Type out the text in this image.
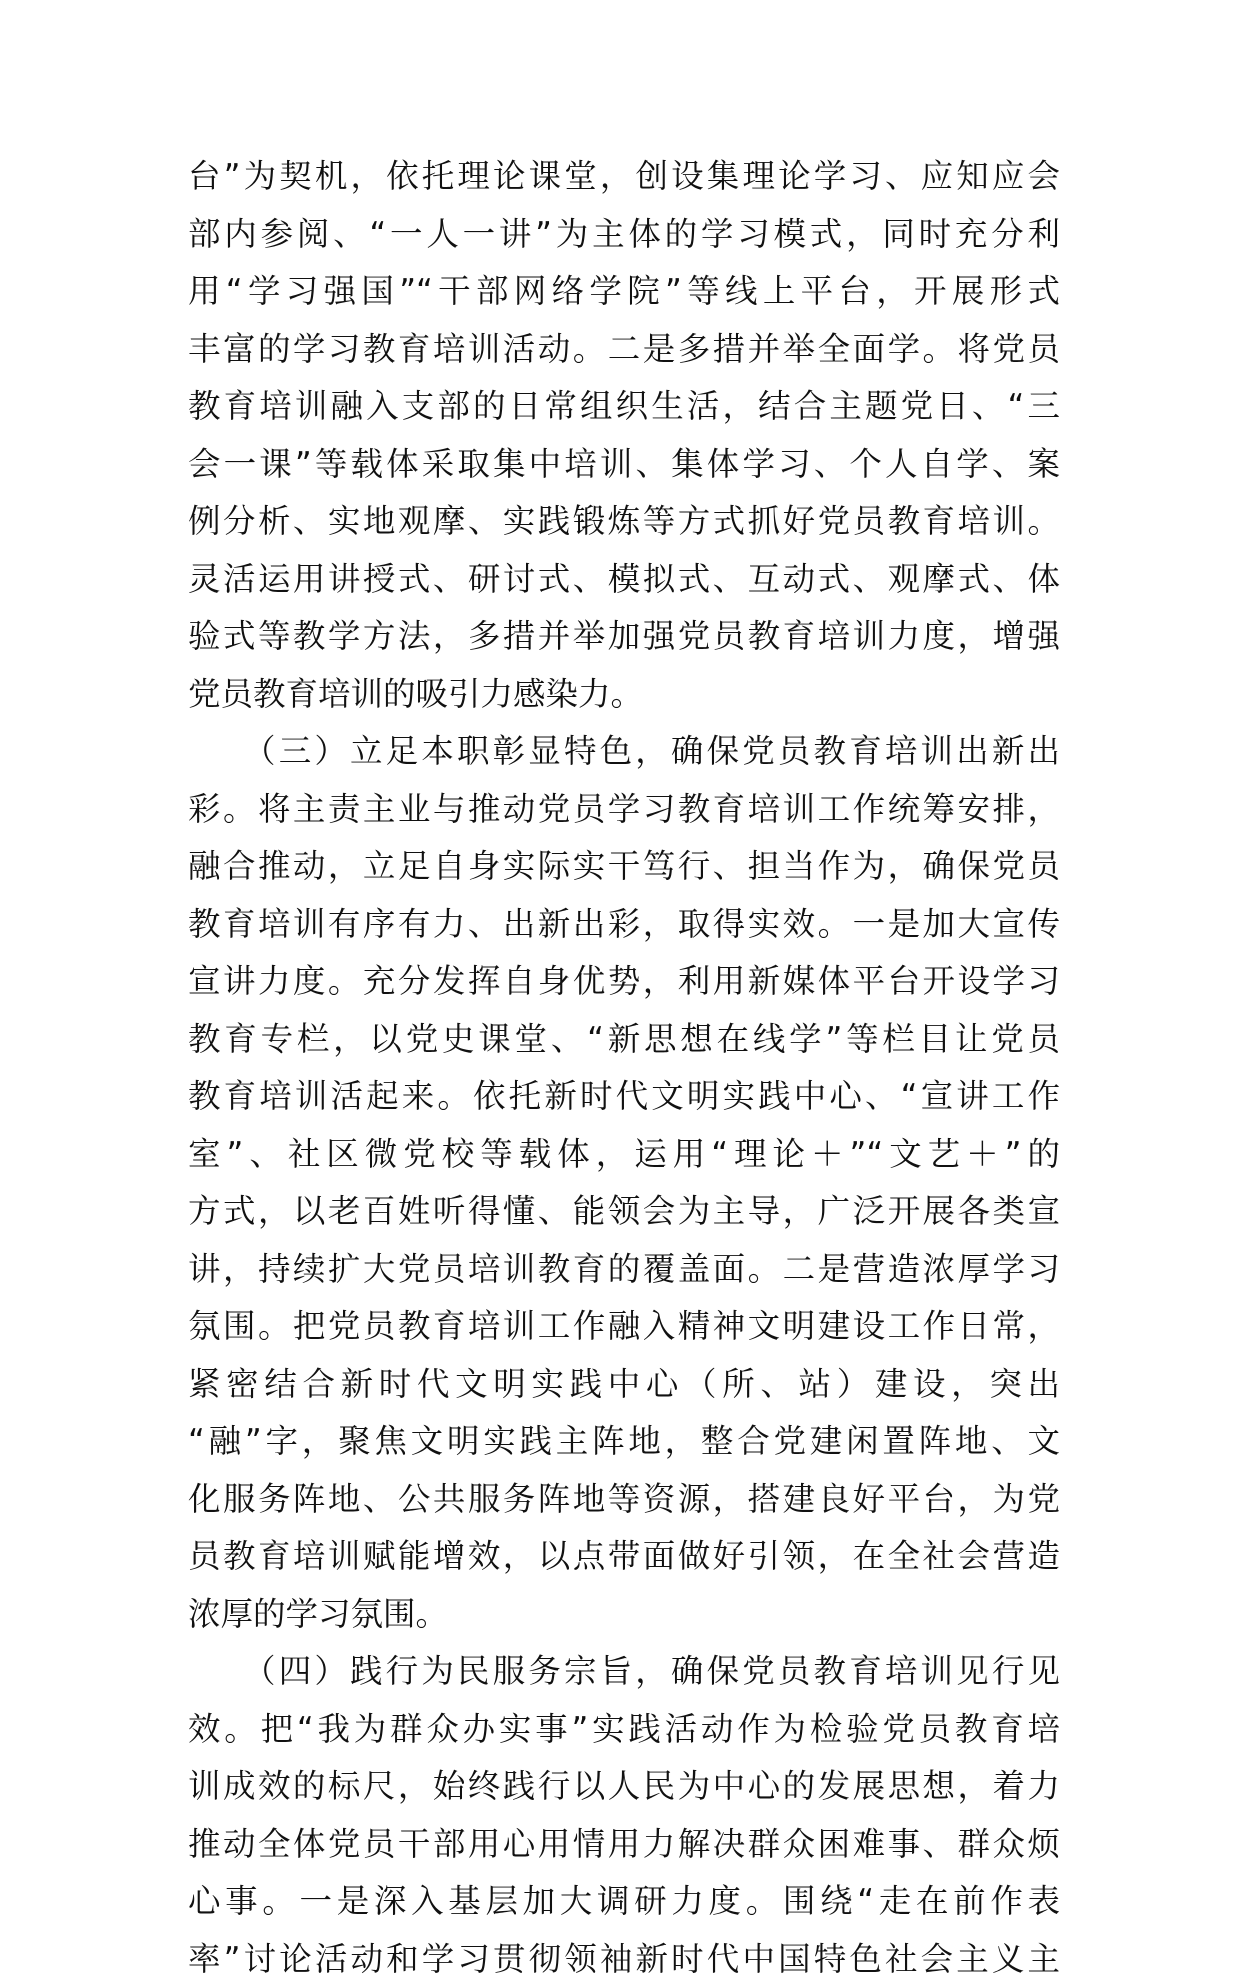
台”为契机，依托理论课堂，创设集理论学习、应知应会
部内参阅、“一人一讲”为主体的学习模式，同时充分利
用“学习强国”“干部网络学院”等线上平台，开展形式
丰富的学习教育培训活动。二是多措并举全面学。将党员
教育培训融入支部的日常组织生活，结合主题党日、“三
会一课”等载体采取集中培训、集体学习、个人自学、案
例分析、实地观摩、实践锻炼等方式抓好党员教育培训。
灵活运用讲授式、研讨式、模拟式、互动式、观摩式、体
验式等教学方法，多措并举加强党员教育培训力度，增强
党员教育培训的吸引力感染力。
　　（三）立足本职彰显特色，确保党员教育培训出新出
彩。将主责主业与推动党员学习教育培训工作统筹安排，
融合推动，立足自身实际实干笃行、担当作为，确保党员
教育培训有序有力、出新出彩，取得实效。一是加大宣传
宣讲力度。充分发挥自身优势，利用新媒体平台开设学习
教育专栏，以党史课堂、“新思想在线学”等栏目让党员
教育培训活起来。依托新时代文明实践中心、“宣讲工作
室”、社区微党校等载体，运用“理论＋”“文艺＋”的
方式，以老百姓听得懂、能领会为主导，广泛开展各类宣
讲，持续扩大党员培训教育的覆盖面。二是营造浓厚学习
氛围。把党员教育培训工作融入精神文明建设工作日常，
紧密结合新时代文明实践中心（所、站）建设，突出
“融”字，聚焦文明实践主阵地，整合党建闲置阵地、文
化服务阵地、公共服务阵地等资源，搭建良好平台，为党
员教育培训赋能增效，以点带面做好引领，在全社会营造
浓厚的学习氛围。
　　（四）践行为民服务宗旨，确保党员教育培训见行见
效。把“我为群众办实事”实践活动作为检验党员教育培
训成效的标尺，始终践行以人民为中心的发展思想，着力
推动全体党员干部用心用情用力解决群众困难事、群众烦
心事。一是深入基层加大调研力度。围绕“走在前作表
率”讨论活动和学习贯彻领袖新时代中国特色社会主义主
